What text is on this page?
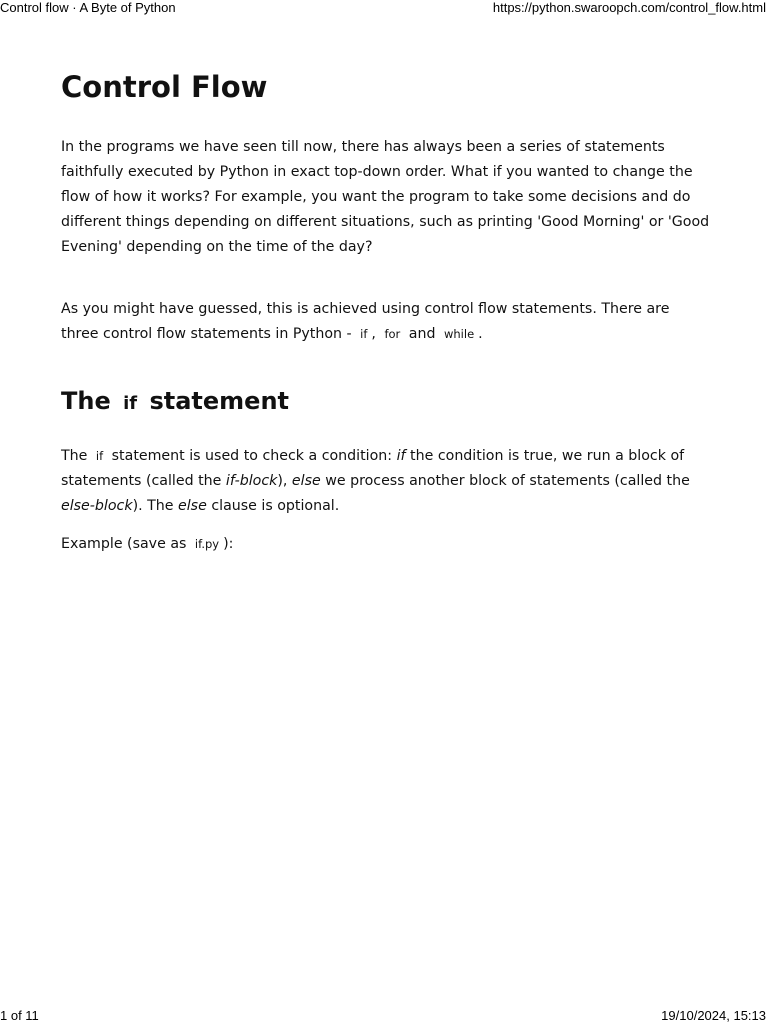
Control flow · A Byte of Python	https://python.swaroopch.com/control_flow.html
Control Flow

In the programs we have seen till now, there has always been a series of statements faithfully executed by Python in exact top-down order. What if you wanted to change the flow of how it works? For example, you want the program to take some decisions and do different things depending on different situations, such as printing 'Good Morning' or 'Good Evening' depending on the time of the day?

As you might have guessed, this is achieved using control flow statements. There are three control flow statements in Python - if , for and while .

The if statement

The if statement is used to check a condition: if the condition is true, we run a block of statements (called the if-block), else we process another block of statements (called the else-block). The else clause is optional.

Example (save as if.py ):

1 of 11	19/10/2024, 15:13
